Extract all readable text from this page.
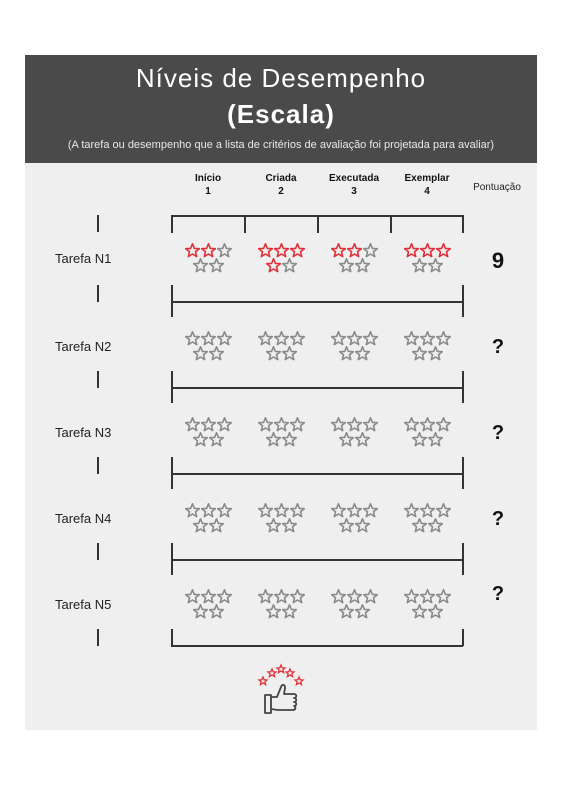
Níveis de Desempenho
(Escala)
(A tarefa ou desempenho que a lista de critérios de avaliação foi projetada para avaliar)
Início
1
Criada
2
Executada
3
Exemplar
4	Pontuação
Tarefa N1
Tarefa N2
Tarefa N3
Tarefa N4
Tarefa N5
9
?
?
?
?
